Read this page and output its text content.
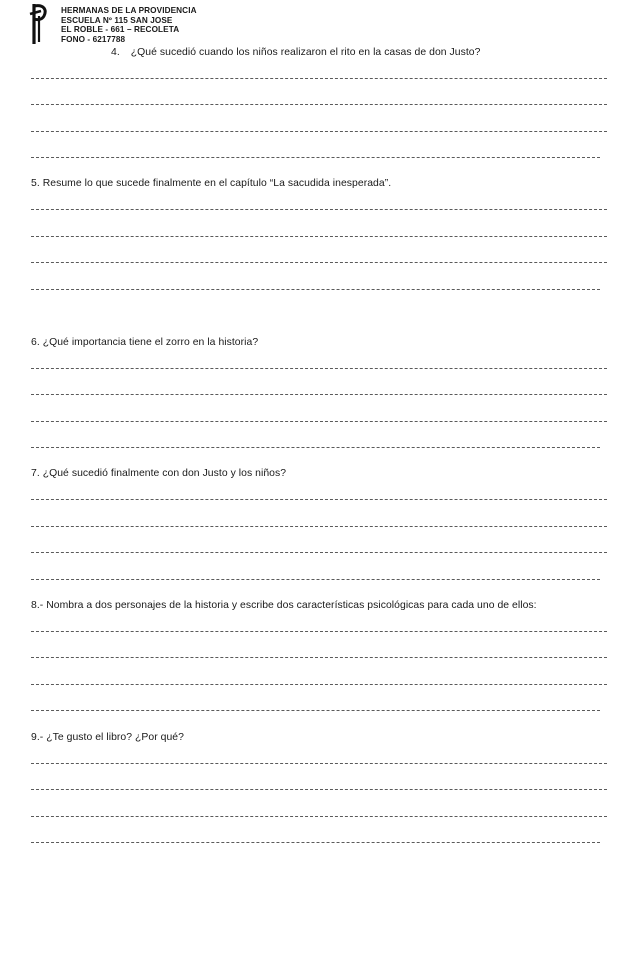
HERMANAS DE LA PROVIDENCIA
ESCUELA Nº 115 SAN JOSE
EL ROBLE - 661 – RECOLETA
FONO - 6217788
4. ¿Qué sucedió cuando los niños realizaron el rito en la casas de don Justo?
5. Resume lo que sucede finalmente en el capítulo “La sacudida inesperada”.
6. ¿Qué importancia tiene el zorro en la historia?
7. ¿Qué sucedió finalmente con don Justo y los niños?
8.- Nombra a dos personajes de la historia y escribe dos características psicológicas para cada uno de ellos:
9.- ¿Te gusto el libro? ¿Por qué?
